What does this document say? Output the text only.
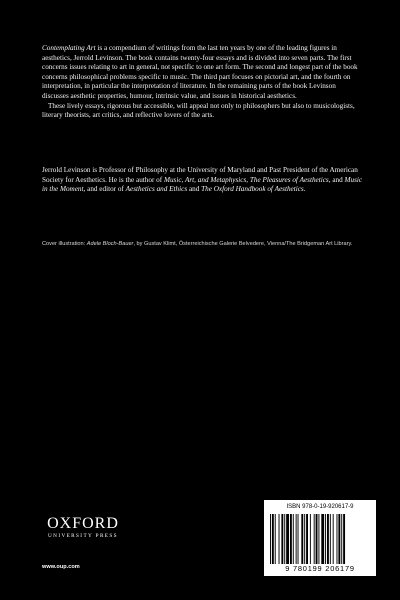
Contemplating Art is a compendium of writings from the last ten years by one of the leading figures in aesthetics, Jerrold Levinson. The book contains twenty-four essays and is divided into seven parts. The first concerns issues relating to art in general, not specific to one art form. The second and longest part of the book concerns philosophical problems specific to music. The third part focuses on pictorial art, and the fourth on interpretation, in particular the interpretation of literature. In the remaining parts of the book Levinson discusses aesthetic properties, humour, intrinsic value, and issues in historical aesthetics.

These lively essays, rigorous but accessible, will appeal not only to philosophers but also to musicologists, literary theorists, art critics, and reflective lovers of the arts.

Jerrold Levinson is Professor of Philosophy at the University of Maryland and Past President of the American Society for Aesthetics. He is the author of Music, Art, and Metaphysics, The Pleasures of Aesthetics, and Music in the Moment, and editor of Aesthetics and Ethics and The Oxford Handbook of Aesthetics.

Cover illustration: Adele Bloch-Bauer, by Gustav Klimt, Österreichische Galerie Belvedere, Vienna/The Bridgeman Art Library.
OXFORD
UNIVERSITY PRESS
www.oup.com
ISBN 978-0-19-920617-9
9 780199 206179
